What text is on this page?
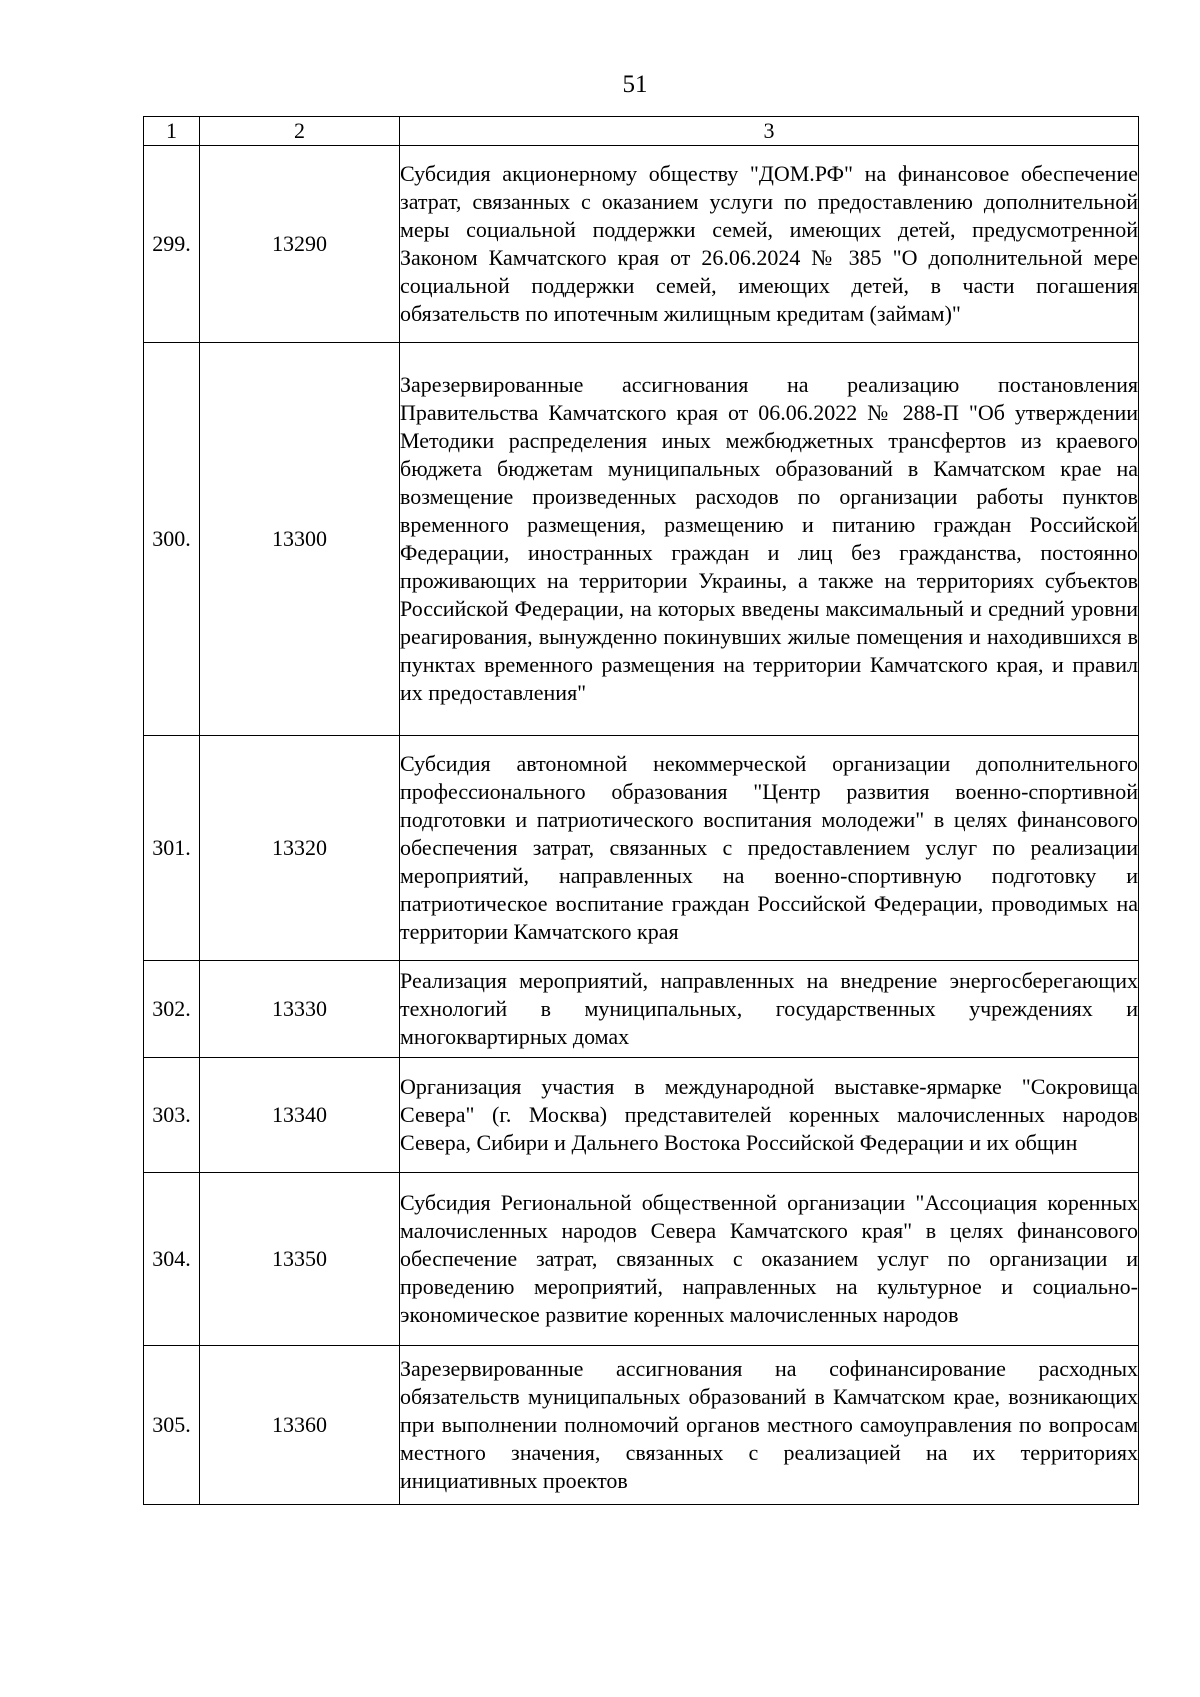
51
1	2	3
299.	13290	Субсидия акционерному обществу "ДОМ.РФ" на финансовое обеспечение затрат, связанных с оказанием услуги по предоставлению дополнительной меры социальной поддержки семей, имеющих детей, предусмотренной Законом Камчатского края от 26.06.2024 № 385 "О дополнительной мере социальной поддержки семей, имеющих детей, в части погашения обязательств по ипотечным жилищным кредитам (займам)"
300.	13300	Зарезервированные ассигнования на реализацию постановления Правительства Камчатского края от 06.06.2022 № 288-П "Об утверждении Методики распределения иных межбюджетных трансфертов из краевого бюджета бюджетам муниципальных образований в Камчатском крае на возмещение произведенных расходов по организации работы пунктов временного размещения, размещению и питанию граждан Российской Федерации, иностранных граждан и лиц без гражданства, постоянно проживающих на территории Украины, а также на территориях субъектов Российской Федерации, на которых введены максимальный и средний уровни реагирования, вынужденно покинувших жилые помещения и находившихся в пунктах временного размещения на территории Камчатского края, и правил их предоставления"
301.	13320	Субсидия автономной некоммерческой организации дополнительного профессионального образования "Центр развития военно-спортивной подготовки и патриотического воспитания молодежи" в целях финансового обеспечения затрат, связанных с предоставлением услуг по реализации мероприятий, направленных на военно-спортивную подготовку и патриотическое воспитание граждан Российской Федерации, проводимых на территории Камчатского края
302.	13330	Реализация мероприятий, направленных на внедрение энергосберегающих технологий в муниципальных, государственных учреждениях и многоквартирных домах
303.	13340	Организация участия в международной выставке-ярмарке "Сокровища Севера" (г. Москва) представителей коренных малочисленных народов Севера, Сибири и Дальнего Востока Российской Федерации и их общин
304.	13350	Субсидия Региональной общественной организации "Ассоциация коренных малочисленных народов Севера Камчатского края" в целях финансового обеспечение затрат, связанных с оказанием услуг по организации и проведению мероприятий, направленных на культурное и социально-экономическое развитие коренных малочисленных народов
305.	13360	Зарезервированные ассигнования на софинансирование расходных обязательств муниципальных образований в Камчатском крае, возникающих при выполнении полномочий органов местного самоуправления по вопросам местного значения, связанных с реализацией на их территориях инициативных проектов
